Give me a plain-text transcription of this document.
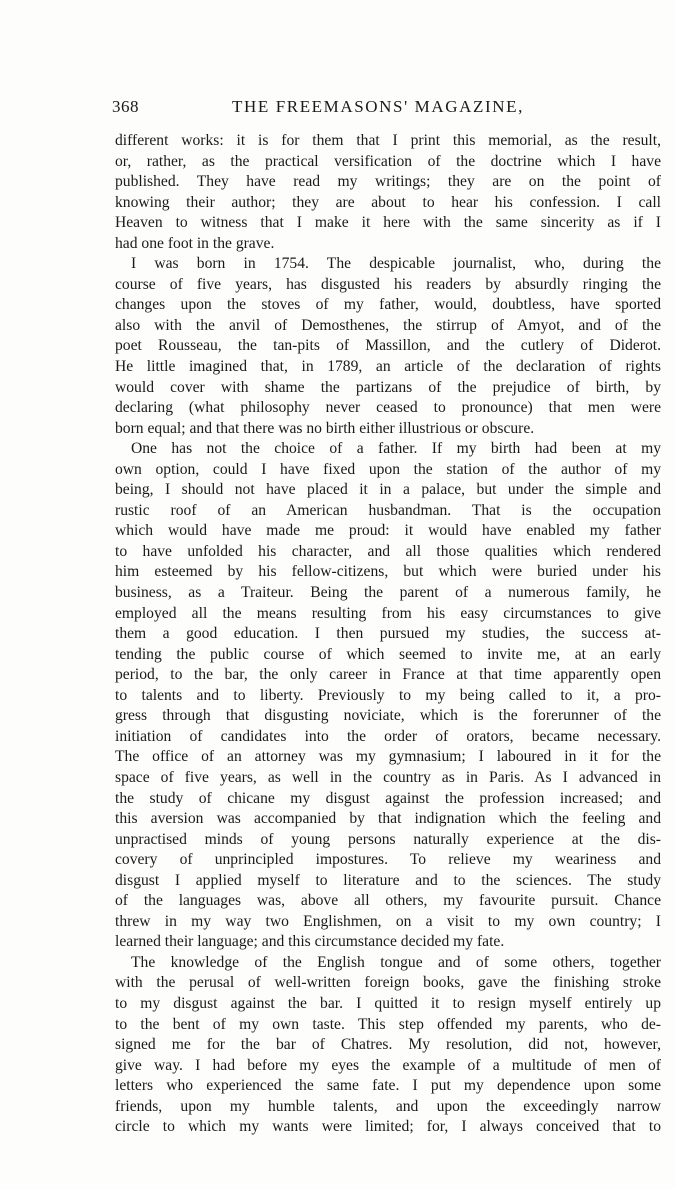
368	THE FREEMASONS' MAGAZINE,
different works: it is for them that I print this memorial, as the result,
or, rather, as the practical versification of the doctrine which I have
published. They have read my writings; they are on the point of
knowing their author; they are about to hear his confession. I call
Heaven to witness that I make it here with the same sincerity as if I
had one foot in the grave.
I was born in 1754. The despicable journalist, who, during the
course of five years, has disgusted his readers by absurdly ringing the
changes upon the stoves of my father, would, doubtless, have sported
also with the anvil of Demosthenes, the stirrup of Amyot, and of the
poet Rousseau, the tan-pits of Massillon, and the cutlery of Diderot.
He little imagined that, in 1789, an article of the declaration of rights
would cover with shame the partizans of the prejudice of birth, by
declaring (what philosophy never ceased to pronounce) that men were
born equal; and that there was no birth either illustrious or obscure.
One has not the choice of a father. If my birth had been at my
own option, could I have fixed upon the station of the author of my
being, I should not have placed it in a palace, but under the simple and
rustic roof of an American husbandman. That is the occupation
which would have made me proud: it would have enabled my father
to have unfolded his character, and all those qualities which rendered
him esteemed by his fellow-citizens, but which were buried under his
business, as a Traiteur. Being the parent of a numerous family, he
employed all the means resulting from his easy circumstances to give
them a good education. I then pursued my studies, the success at-
tending the public course of which seemed to invite me, at an early
period, to the bar, the only career in France at that time apparently open
to talents and to liberty. Previously to my being called to it, a pro-
gress through that disgusting noviciate, which is the forerunner of the
initiation of candidates into the order of orators, became necessary.
The office of an attorney was my gymnasium; I laboured in it for the
space of five years, as well in the country as in Paris. As I advanced in
the study of chicane my disgust against the profession increased; and
this aversion was accompanied by that indignation which the feeling and
unpractised minds of young persons naturally experience at the dis-
covery of unprincipled impostures. To relieve my weariness and
disgust I applied myself to literature and to the sciences. The study
of the languages was, above all others, my favourite pursuit. Chance
threw in my way two Englishmen, on a visit to my own country; I
learned their language; and this circumstance decided my fate.
The knowledge of the English tongue and of some others, together
with the perusal of well-written foreign books, gave the finishing stroke
to my disgust against the bar. I quitted it to resign myself entirely up
to the bent of my own taste. This step offended my parents, who de-
signed me for the bar of Chatres. My resolution, did not, however,
give way. I had before my eyes the example of a multitude of men of
letters who experienced the same fate. I put my dependence upon some
friends, upon my humble talents, and upon the exceedingly narrow
circle to which my wants were limited; for, I always conceived that to
